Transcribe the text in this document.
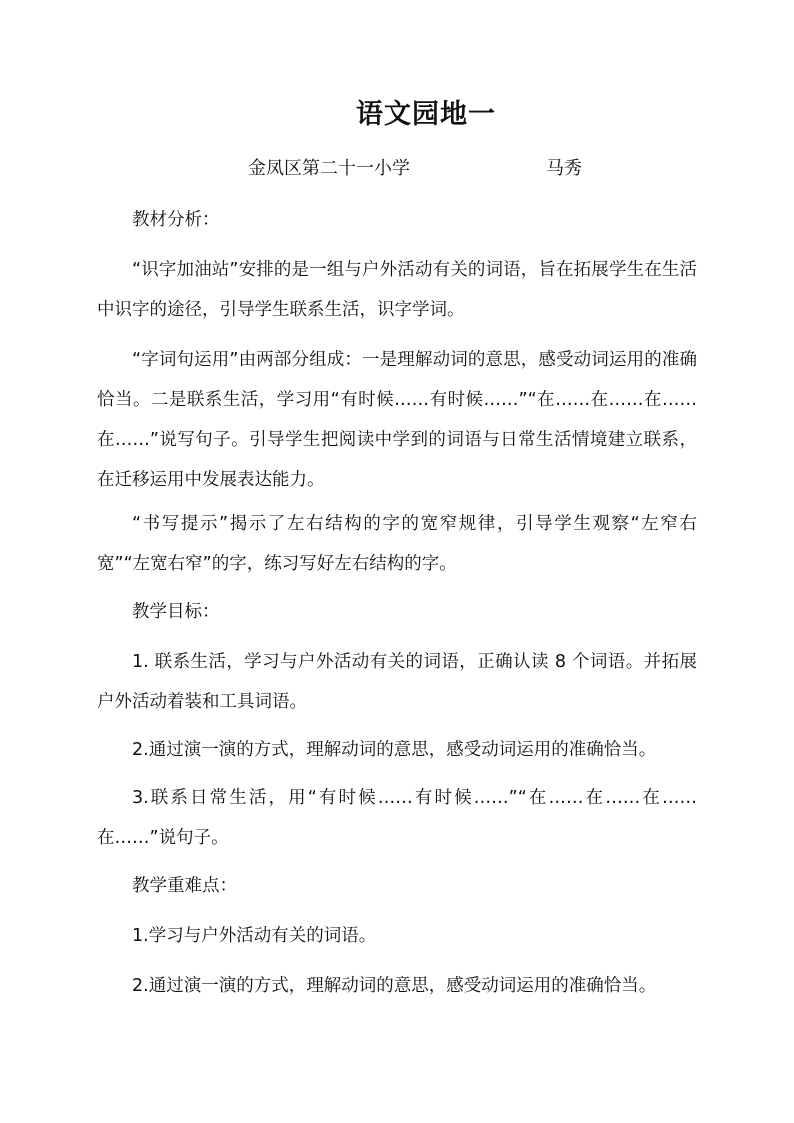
语文园地一
金凤区第二十一小学	马秀
教材分析：

“识字加油站”安排的是一组与户外活动有关的词语，旨在拓展学生在生活中识字的途径，引导学生联系生活，识字学词。

“字词句运用”由两部分组成：一是理解动词的意思，感受动词运用的准确恰当。二是联系生活，学习用“有时候……有时候……”“在……在……在……在……”说写句子。引导学生把阅读中学到的词语与日常生活情境建立联系，在迁移运用中发展表达能力。

“书写提示”揭示了左右结构的字的宽窄规律，引导学生观察“左窄右宽”“左宽右窄”的字，练习写好左右结构的字。

教学目标：

1. 联系生活，学习与户外活动有关的词语，正确认读 8 个词语。并拓展户外活动着装和工具词语。

2.通过演一演的方式，理解动词的意思，感受动词运用的准确恰当。

3.联系日常生活，用“有时候……有时候……”“在……在……在……在……”说句子。

教学重难点：

1.学习与户外活动有关的词语。

2.通过演一演的方式，理解动词的意思，感受动词运用的准确恰当。
